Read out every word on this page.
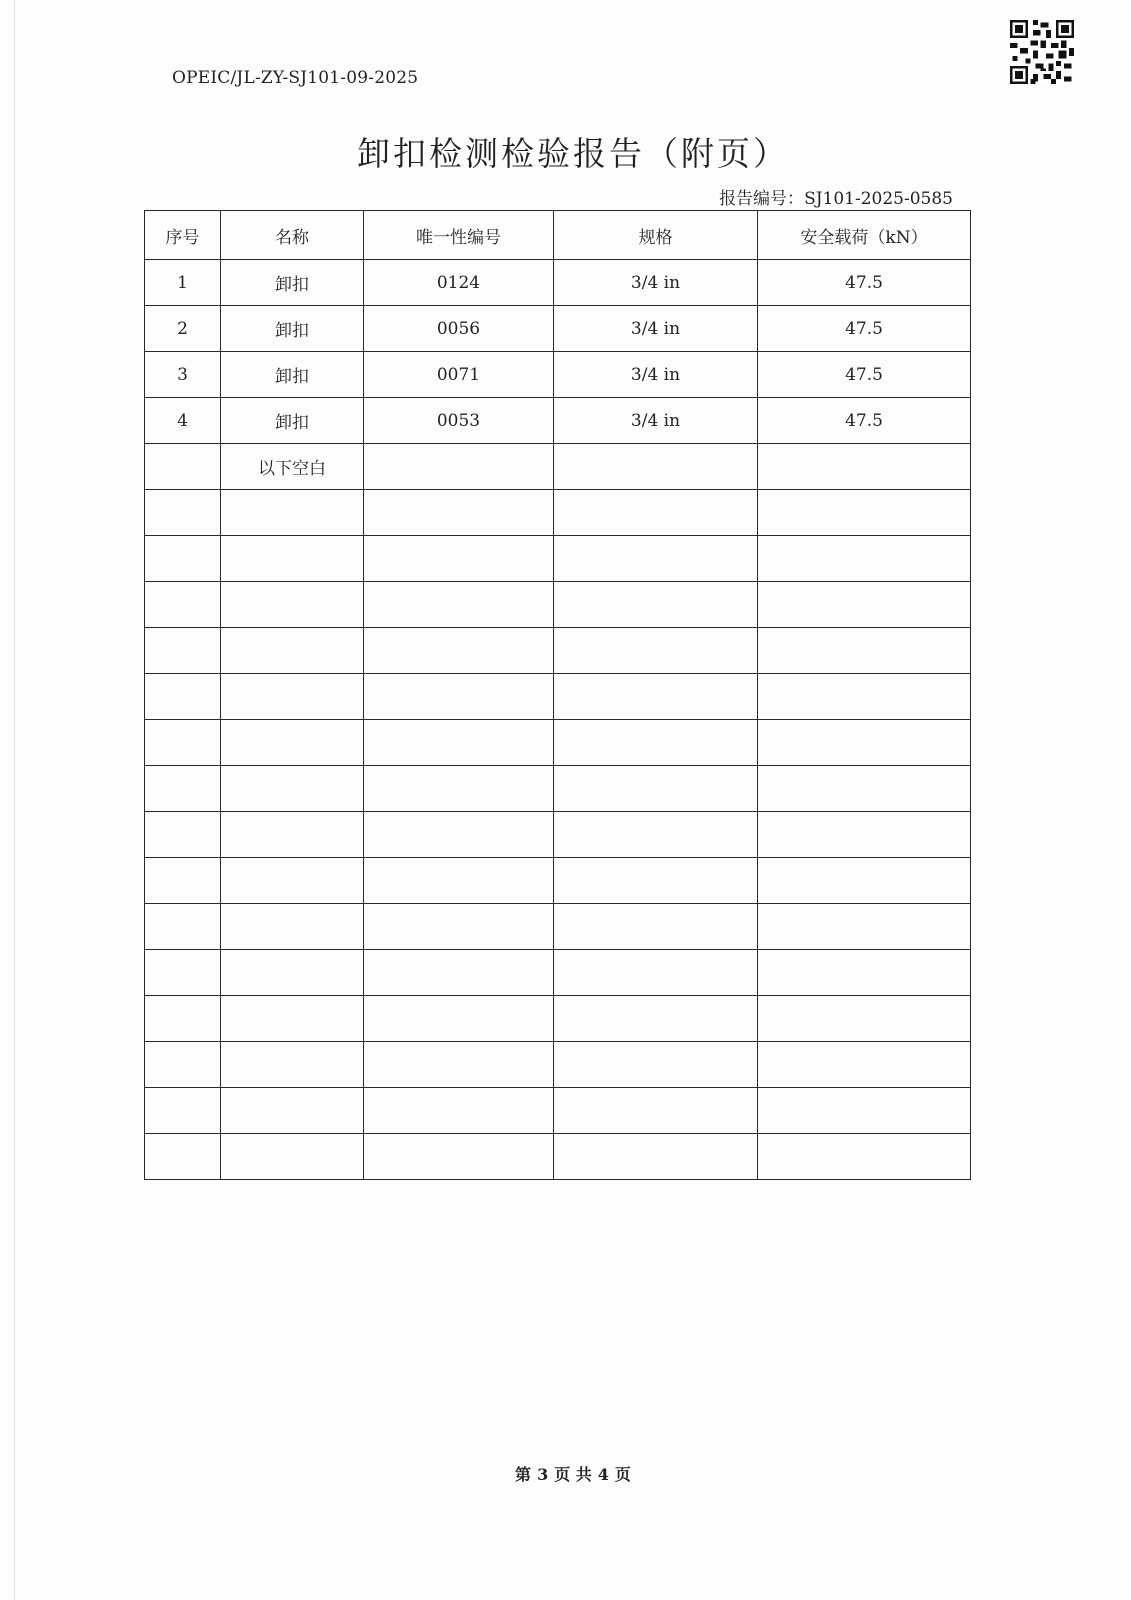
OPEIC/JL-ZY-SJ101-09-2025
卸扣检测检验报告（附页）
报告编号：SJ101-2025-0585
序号	名称	唯一性编号	规格	安全载荷（kN）
1	卸扣	0124	3/4 in	47.5
2	卸扣	0056	3/4 in	47.5
3	卸扣	0071	3/4 in	47.5
4	卸扣	0053	3/4 in	47.5
	以下空白			

第 3 页 共 4 页
